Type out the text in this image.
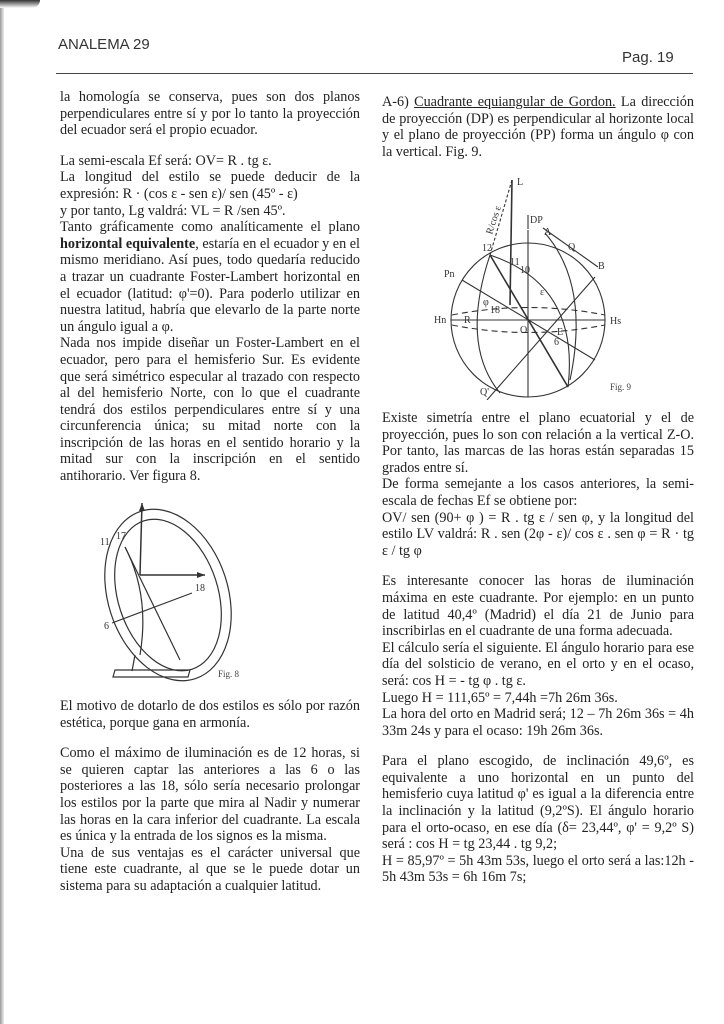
ANALEMA 29
Pag. 19

la homología se conserva, pues son dos planos perpendiculares entre sí y por lo tanto la proyección del ecuador será el propio ecuador.

La semi-escala Ef será: OV= R . tg ε.

La longitud del estilo se puede deducir de la expresión: R · (cos ε - sen ε)/ sen (45º - ε)

y por tanto, Lg valdrá: VL = R /sen 45º.

Tanto gráficamente como analíticamente el plano horizontal equivalente, estaría en el ecuador y en el mismo meridiano. Así pues, todo quedaría reducido a trazar un cuadrante Foster-Lambert horizontal en el ecuador (latitud: φ'=0). Para poderlo utilizar en nuestra latitud, habría que elevarlo de la parte norte un ángulo igual a φ.

Nada nos impide diseñar un Foster-Lambert en el ecuador, pero para el hemisferio Sur. Es evidente que será simétrico especular al trazado con respecto al del hemisferio Norte, con lo que el cuadrante tendrá dos estilos perpendiculares entre sí y una circunferencia única; su mitad norte con la inscripción de las horas en el sentido horario y la mitad sur con la inscripción en el sentido antihorario. Ver figura 8.

17
11
18
6
Fig. 8

El motivo de dotarlo de dos estilos es sólo por razón estética, porque gana en armonía.

Como el máximo de iluminación es de 12 horas, si se quieren captar las anteriores a las 6 o las posteriores a las 18, sólo sería necesario prolongar los estilos por la parte que mira al Nadir y numerar las horas en la cara inferior del cuadrante. La escala es única y la entrada de los signos es la misma.

Una de sus ventajas es el carácter universal que tiene este cuadrante, al que se le puede dotar un sistema para su adaptación a cualquier latitud.

A-6) Cuadrante equiangular de Gordon. La dirección de proyección (DP) es perpendicular al horizonte local y el plano de proyección (PP) forma un ángulo φ con la vertical. Fig. 9.

L
DP
A
Q
B
Pn
Hn R
O	E
Hs
Q'
φ
12
11
10
18
6
ε
R/cos ε
Fig. 9

Existe simetría entre el plano ecuatorial y el de proyección, pues lo son con relación a la vertical Z-O. Por tanto, las marcas de las horas están separadas 15 grados entre sí.

De forma semejante a los casos anteriores, la semi-escala de fechas Ef se obtiene por:

OV/ sen (90+ φ ) = R . tg ε / sen φ, y la longitud del estilo LV valdrá: R . sen (2φ - ε)/ cos ε . sen φ = R · tg ε / tg φ

Es interesante conocer las horas de iluminación máxima en este cuadrante. Por ejemplo: en un punto de latitud 40,4º (Madrid) el día 21 de Junio para inscribirlas en el cuadrante de una forma adecuada.

El cálculo sería el siguiente. El ángulo horario para ese día del solsticio de verano, en el orto y en el ocaso, será: cos H = - tg φ . tg ε.

Luego H = 111,65º = 7,44h =7h 26m 36s.

La hora del orto en Madrid será; 12 – 7h 26m 36s = 4h 33m 24s y para el ocaso: 19h 26m 36s.

Para el plano escogido, de inclinación 49,6º, es equivalente a uno horizontal en un punto del hemisferio cuya latitud φ' es igual a la diferencia entre la inclinación y la latitud (9,2ºS). El ángulo horario para el orto-ocaso, en ese día (δ= 23,44º, φ' = 9,2º S) será : cos H = tg 23,44 . tg 9,2;

H = 85,97º = 5h 43m 53s, luego el orto será a las:12h - 5h 43m 53s = 6h 16m 7s;
